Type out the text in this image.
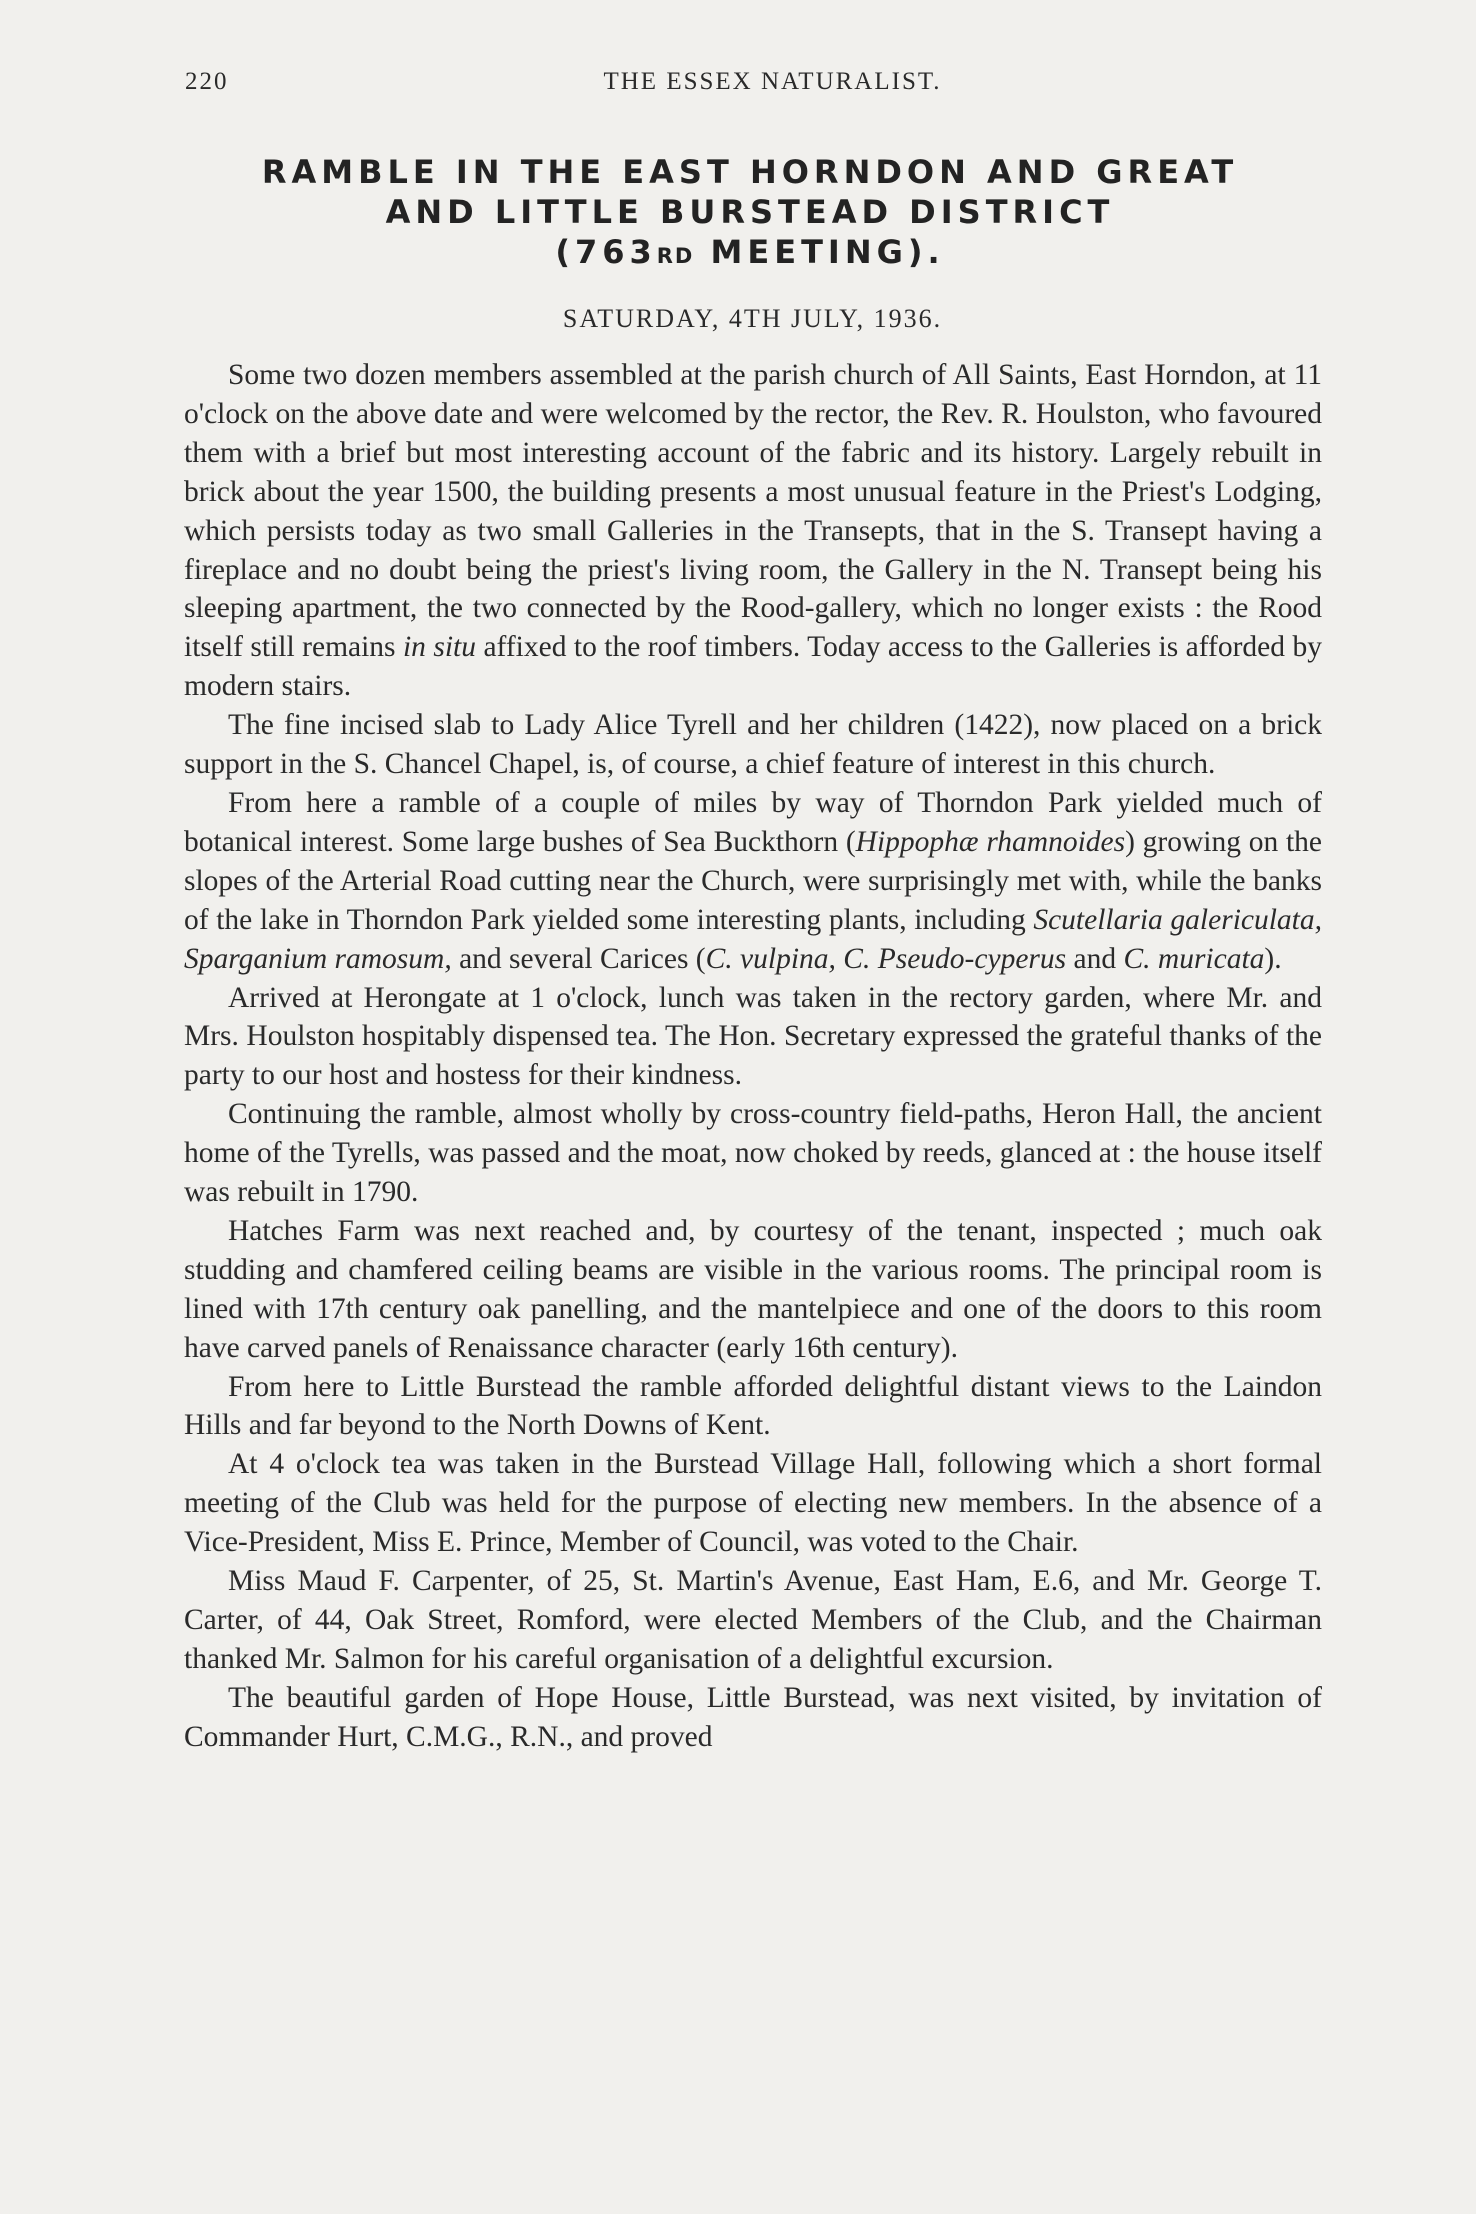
220	THE ESSEX NATURALIST.
RAMBLE IN THE EAST HORNDON AND GREAT
AND LITTLE BURSTEAD DISTRICT
(763RD MEETING).
SATURDAY, 4TH JULY, 1936.

Some two dozen members assembled at the parish church of All Saints, East Horndon, at 11 o'clock on the above date and were welcomed by the rector, the Rev. R. Houlston, who favoured them with a brief but most interesting account of the fabric and its history. Largely rebuilt in brick about the year 1500, the building presents a most unusual feature in the Priest's Lodging, which persists today as two small Galleries in the Transepts, that in the S. Transept having a fireplace and no doubt being the priest's living room, the Gallery in the N. Transept being his sleeping apartment, the two connected by the Rood-gallery, which no longer exists : the Rood itself still remains in situ affixed to the roof timbers. Today access to the Galleries is afforded by modern stairs.

The fine incised slab to Lady Alice Tyrell and her children (1422), now placed on a brick support in the S. Chancel Chapel, is, of course, a chief feature of interest in this church.

From here a ramble of a couple of miles by way of Thorndon Park yielded much of botanical interest. Some large bushes of Sea Buckthorn (Hippophæ rhamnoides) growing on the slopes of the Arterial Road cutting near the Church, were surprisingly met with, while the banks of the lake in Thorndon Park yielded some interesting plants, including Scutellaria galericulata, Sparganium ramosum, and several Carices (C. vulpina, C. Pseudo-cyperus and C. muricata).

Arrived at Herongate at 1 o'clock, lunch was taken in the rectory garden, where Mr. and Mrs. Houlston hospitably dispensed tea. The Hon. Secretary expressed the grateful thanks of the party to our host and hostess for their kindness.

Continuing the ramble, almost wholly by cross-country field-paths, Heron Hall, the ancient home of the Tyrells, was passed and the moat, now choked by reeds, glanced at : the house itself was rebuilt in 1790.

Hatches Farm was next reached and, by courtesy of the tenant, inspected ; much oak studding and chamfered ceiling beams are visible in the various rooms. The principal room is lined with 17th century oak panelling, and the mantelpiece and one of the doors to this room have carved panels of Renaissance character (early 16th century).

From here to Little Burstead the ramble afforded delightful distant views to the Laindon Hills and far beyond to the North Downs of Kent.

At 4 o'clock tea was taken in the Burstead Village Hall, following which a short formal meeting of the Club was held for the purpose of electing new members. In the absence of a Vice-President, Miss E. Prince, Member of Council, was voted to the Chair.

Miss Maud F. Carpenter, of 25, St. Martin's Avenue, East Ham, E.6, and Mr. George T. Carter, of 44, Oak Street, Romford, were elected Members of the Club, and the Chairman thanked Mr. Salmon for his careful organisation of a delightful excursion.

The beautiful garden of Hope House, Little Burstead, was next visited, by invitation of Commander Hurt, C.M.G., R.N., and proved
